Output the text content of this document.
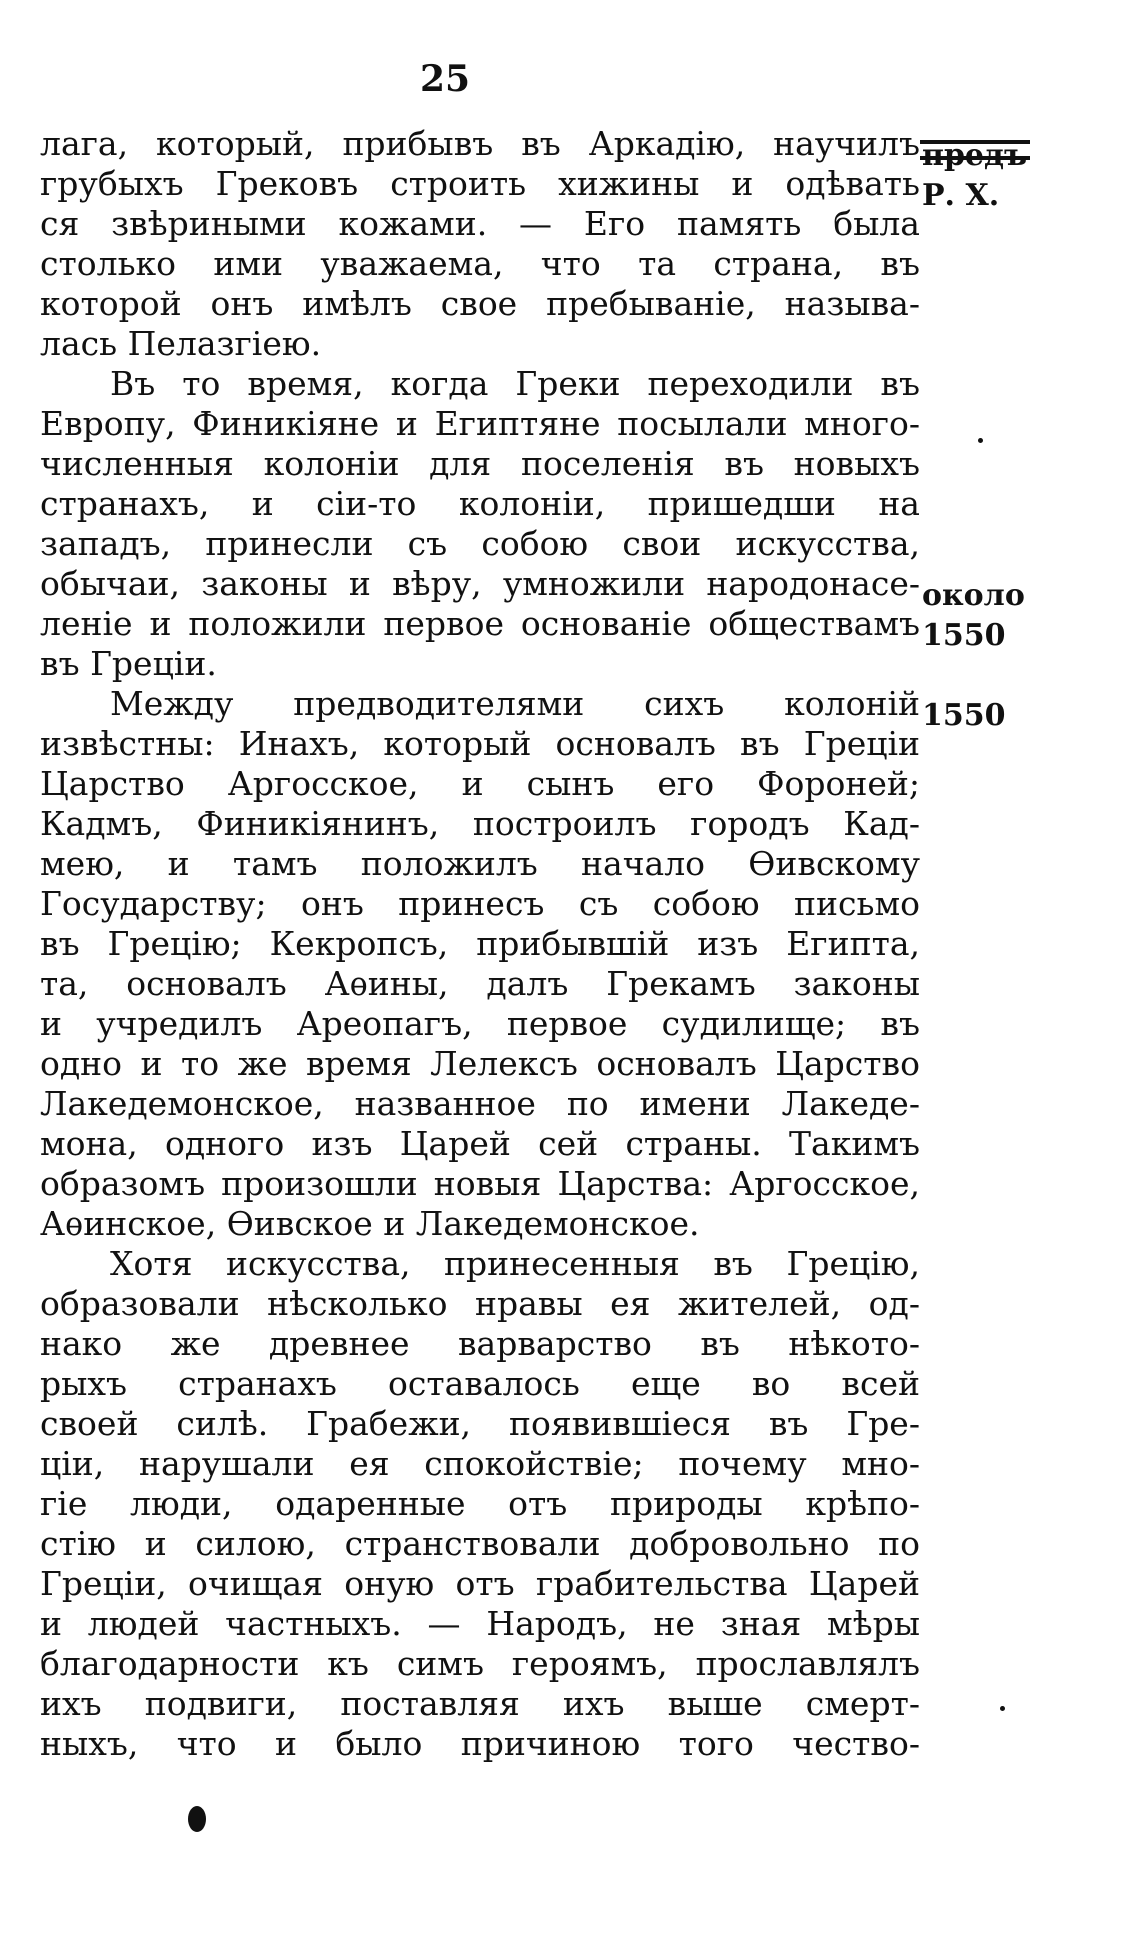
25
предъ
Р. Х.
около
1550
1550
лага, который, прибывъ въ Аркадію, научилъ
грубыхъ Грековъ строить хижины и одѣвать
ся звѣриными кожами. — Его память была
столько ими уважаема, что та страна, въ
которой онъ имѣлъ свое пребываніе, называ-
лась Пелазгіею.
Въ то время, когда Греки переходили въ
Европу, Финикіяне и Египтяне посылали много-
численныя колоніи для поселенія въ новыхъ
странахъ, и сіи-то колоніи, пришедши на
западъ, принесли съ собою свои искусства,
обычаи, законы и вѣру, умножили народонасе-
леніе и положили первое основаніе обществамъ
въ Греціи.
Между предводителями сихъ колоній
извѣстны: Инахъ, который основалъ въ Греціи
Царство Аргосское, и сынъ его Фороней;
Кадмъ, Финикіянинъ, построилъ городъ Кад-
мею, и тамъ положилъ начало Ѳивскому
Государству; онъ принесъ съ собою письмо
въ Грецію; Кекропсъ, прибывшій изъ Египта,
та, основалъ Аѳины, далъ Грекамъ законы
и учредилъ Ареопагъ, первое судилище; въ
одно и то же время Лелексъ основалъ Царство
Лакедемонское, названное по имени Лакеде-
мона, одного изъ Царей сей страны. Такимъ
образомъ произошли новыя Царства: Аргосское,
Аѳинское, Ѳивское и Лакедемонское.
Хотя искусства, принесенныя въ Грецію,
образовали нѣсколько нравы ея жителей, од-
нако же древнее варварство въ нѣкото-
рыхъ странахъ оставалось еще во всей
своей силѣ. Грабежи, появившіеся въ Гре-
ціи, нарушали ея спокойствіе; почему мно-
гіе люди, одаренные отъ природы крѣпо-
стію и силою, странствовали добровольно по
Греціи, очищая оную отъ грабительства Царей
и людей частныхъ. — Народъ, не зная мѣры
благодарности къ симъ героямъ, прославлялъ
ихъ подвиги, поставляя ихъ выше смерт-
ныхъ, что и было причиною того чество-
